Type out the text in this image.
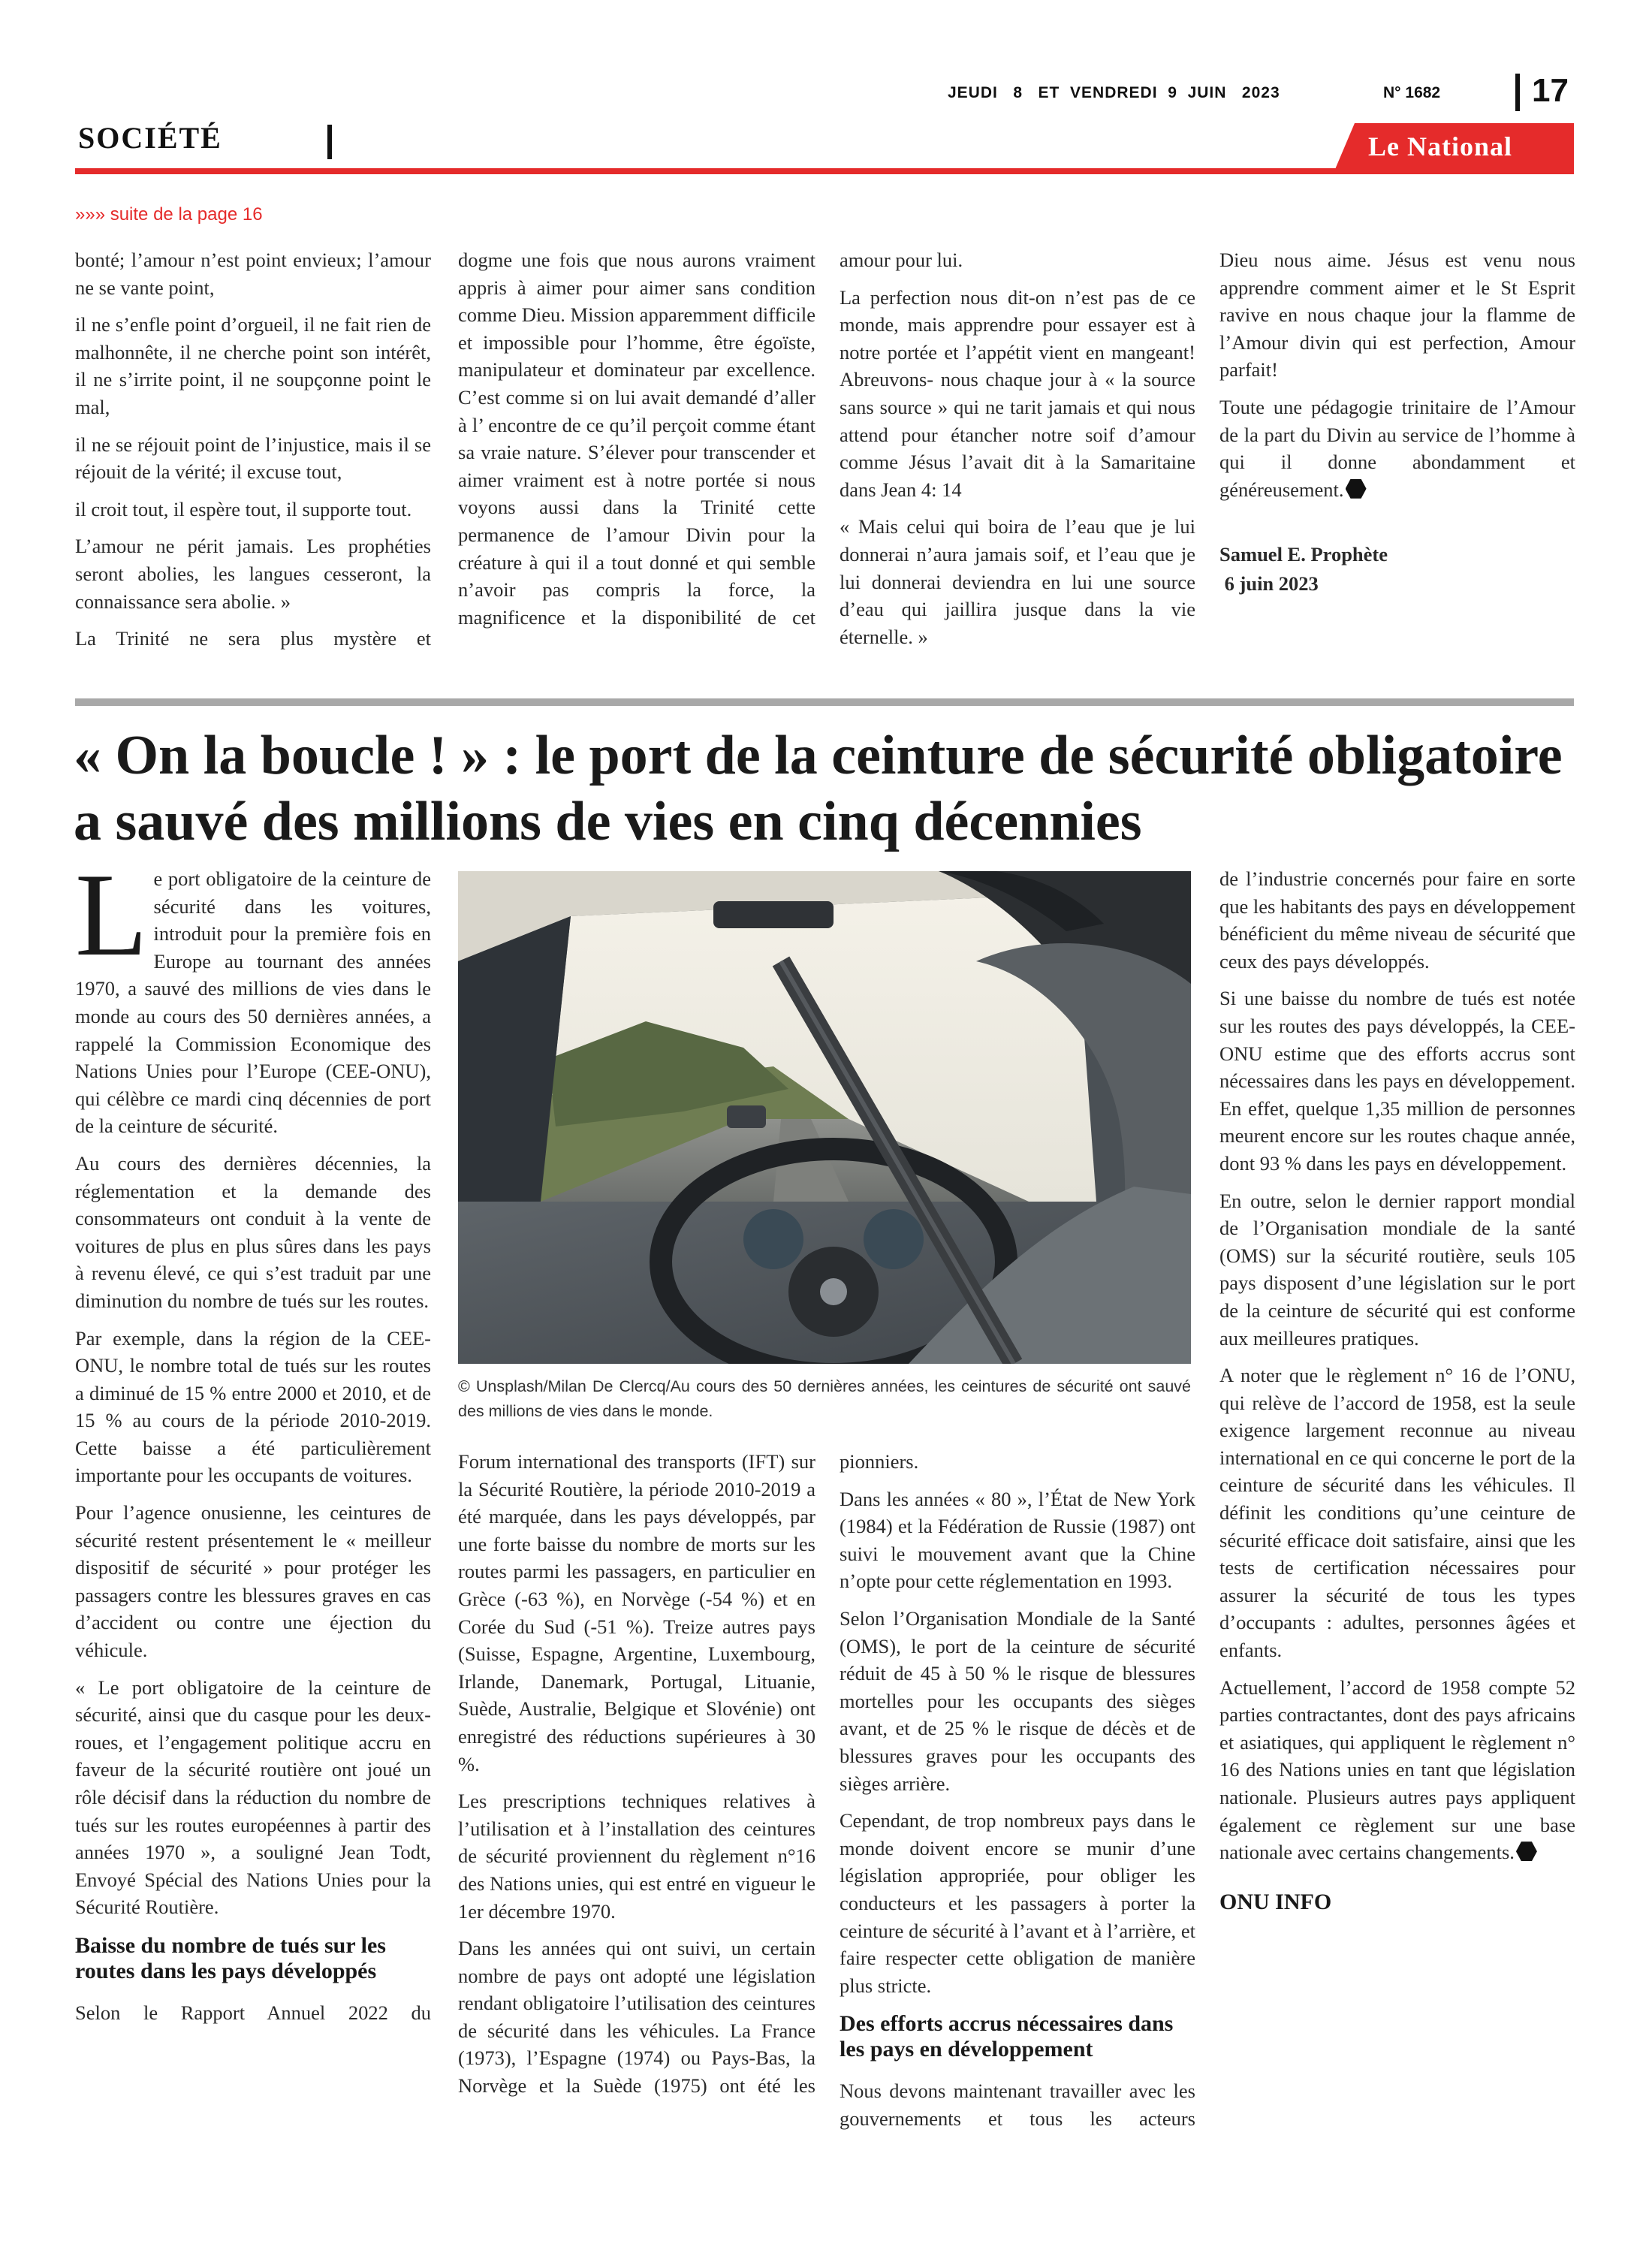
JEUDI   8   ET  VENDREDI  9  JUIN   2023	N° 1682	17
SOCIÉTÉ	Le National
»»» suite de la page 16

bonté; l’amour n’est point envieux; l’amour ne se vante point,

il ne s’enfle point d’orgueil, il ne fait rien de malhonnête, il ne cherche point son intérêt, il ne s’irrite point, il ne soupçonne point le mal,

il ne se réjouit point de l’injustice, mais il se réjouit de la vérité; il excuse tout,

il croit tout, il espère tout, il supporte tout.

L’amour ne périt jamais. Les prophéties seront abolies, les langues cesseront, la connaissance sera abolie. »

La Trinité ne sera plus mystère et

dogme une fois que nous aurons vraiment appris à aimer pour aimer sans condition comme Dieu. Mission apparemment difficile et impossible pour l’homme, être égoïste, manipulateur et dominateur par excellence. C’est comme si on lui avait demandé d’aller à l’ encontre de ce qu’il perçoit comme étant sa vraie nature. S’élever pour transcender et aimer vraiment est à notre portée si nous voyons aussi dans la Trinité cette permanence de l’amour Divin pour la créature à qui il a tout donné et qui semble n’avoir pas compris la force, la magnificence et la disponibilité de cet

amour pour lui.

La perfection nous dit-on n’est pas de ce monde, mais apprendre pour essayer est à notre portée et l’appétit vient en mangeant! Abreuvons- nous chaque jour à « la source sans source » qui ne tarit jamais et qui nous attend pour étancher notre soif d’amour comme Jésus l’avait dit à la Samaritaine dans Jean 4: 14

« Mais celui qui boira de l’eau que je lui donnerai n’aura jamais soif, et l’eau que je lui donnerai deviendra en lui une source d’eau qui jaillira jusque dans la vie éternelle. »

Dieu nous aime. Jésus est venu nous apprendre comment aimer et le St Esprit ravive en nous chaque jour la flamme de l’Amour divin qui est perfection, Amour parfait!

Toute une pédagogie trinitaire de l’Amour de la part du Divin au service de l’homme à qui il donne abondamment et généreusement.

Samuel E. Prophète

6 juin 2023

« On la boucle ! » : le port de la ceinture de sécurité obligatoire a sauvé des millions de vies en cinq décennies

Le port obligatoire de la ceinture de sécurité dans les voitures, introduit pour la première fois en Europe au tournant des années 1970, a sauvé des millions de vies dans le monde au cours des 50 dernières années, a rappelé la Commission Economique des Nations Unies pour l’Europe (CEE-ONU), qui célèbre ce mardi cinq décennies de port de la ceinture de sécurité.

Au cours des dernières décennies, la réglementation et la demande des consommateurs ont conduit à la vente de voitures de plus en plus sûres dans les pays à revenu élevé, ce qui s’est traduit par une diminution du nombre de tués sur les routes.

Par exemple, dans la région de la CEE-ONU, le nombre total de tués sur les routes a diminué de 15 % entre 2000 et 2010, et de 15 % au cours de la période 2010-2019. Cette baisse a été particulièrement importante pour les occupants de voitures.

Pour l’agence onusienne, les ceintures de sécurité restent présentement le « meilleur dispositif de sécurité » pour protéger les passagers contre les blessures graves en cas d’accident ou contre une éjection du véhicule.

« Le port obligatoire de la ceinture de sécurité, ainsi que du casque pour les deux-roues, et l’engagement politique accru en faveur de la sécurité routière ont joué un rôle décisif dans la réduction du nombre de tués sur les routes européennes à partir des années 1970 », a souligné Jean Todt, Envoyé Spécial des Nations Unies pour la Sécurité Routière.

Baisse du nombre de tués sur les routes dans les pays développés

Selon le Rapport Annuel 2022 du

© Unsplash/Milan De Clercq/Au cours des 50 dernières années, les ceintures de sécurité ont sauvé des millions de vies dans le monde.

Forum international des transports (IFT) sur la Sécurité Routière, la période 2010-2019 a été marquée, dans les pays développés, par une forte baisse du nombre de morts sur les routes parmi les passagers, en particulier en Grèce (-63 %), en Norvège (-54 %) et en Corée du Sud (-51 %). Treize autres pays (Suisse, Espagne, Argentine, Luxembourg, Irlande, Danemark, Portugal, Lituanie, Suède, Australie, Belgique et Slovénie) ont enregistré des réductions supérieures à 30 %.

Les prescriptions techniques relatives à l’utilisation et à l’installation des ceintures de sécurité proviennent du règlement n°16 des Nations unies, qui est entré en vigueur le 1er décembre 1970.

Dans les années qui ont suivi, un certain nombre de pays ont adopté une législation rendant obligatoire l’utilisation des ceintures de sécurité dans les véhicules. La France (1973), l’Espagne (1974) ou Pays-Bas, la Norvège et la Suède (1975) ont été les

pionniers.

Dans les années « 80 », l’État de New York (1984) et la Fédération de Russie (1987) ont suivi le mouvement avant que la Chine n’opte pour cette réglementation en 1993.

Selon l’Organisation Mondiale de la Santé (OMS), le port de la ceinture de sécurité réduit de 45 à 50 % le risque de blessures mortelles pour les occupants des sièges avant, et de 25 % le risque de décès et de blessures graves pour les occupants des sièges arrière.

Cependant, de trop nombreux pays dans le monde doivent encore se munir d’une législation appropriée, pour obliger les conducteurs et les passagers à porter la ceinture de sécurité à l’avant et à l’arrière, et faire respecter cette obligation de manière plus stricte.

Des efforts accrus nécessaires dans les pays en développement

Nous devons maintenant travailler avec les gouvernements et tous les acteurs

de l’industrie concernés pour faire en sorte que les habitants des pays en développement bénéficient du même niveau de sécurité que ceux des pays développés.

Si une baisse du nombre de tués est notée sur les routes des pays développés, la CEE-ONU estime que des efforts accrus sont nécessaires dans les pays en développement. En effet, quelque 1,35 million de personnes meurent encore sur les routes chaque année, dont 93 % dans les pays en développement.

En outre, selon le dernier rapport mondial de l’Organisation mondiale de la santé (OMS) sur la sécurité routière, seuls 105 pays disposent d’une législation sur le port de la ceinture de sécurité qui est conforme aux meilleures pratiques.

A noter que le règlement n° 16 de l’ONU, qui relève de l’accord de 1958, est la seule exigence largement reconnue au niveau international en ce qui concerne le port de la ceinture de sécurité dans les véhicules. Il définit les conditions qu’une ceinture de sécurité efficace doit satisfaire, ainsi que les tests de certification nécessaires pour assurer la sécurité de tous les types d’occupants : adultes, personnes âgées et enfants.

Actuellement, l’accord de 1958 compte 52 parties contractantes, dont des pays africains et asiatiques, qui appliquent le règlement n° 16 des Nations unies en tant que législation nationale. Plusieurs autres pays appliquent également ce règlement sur une base nationale avec certains changements.

ONU INFO
